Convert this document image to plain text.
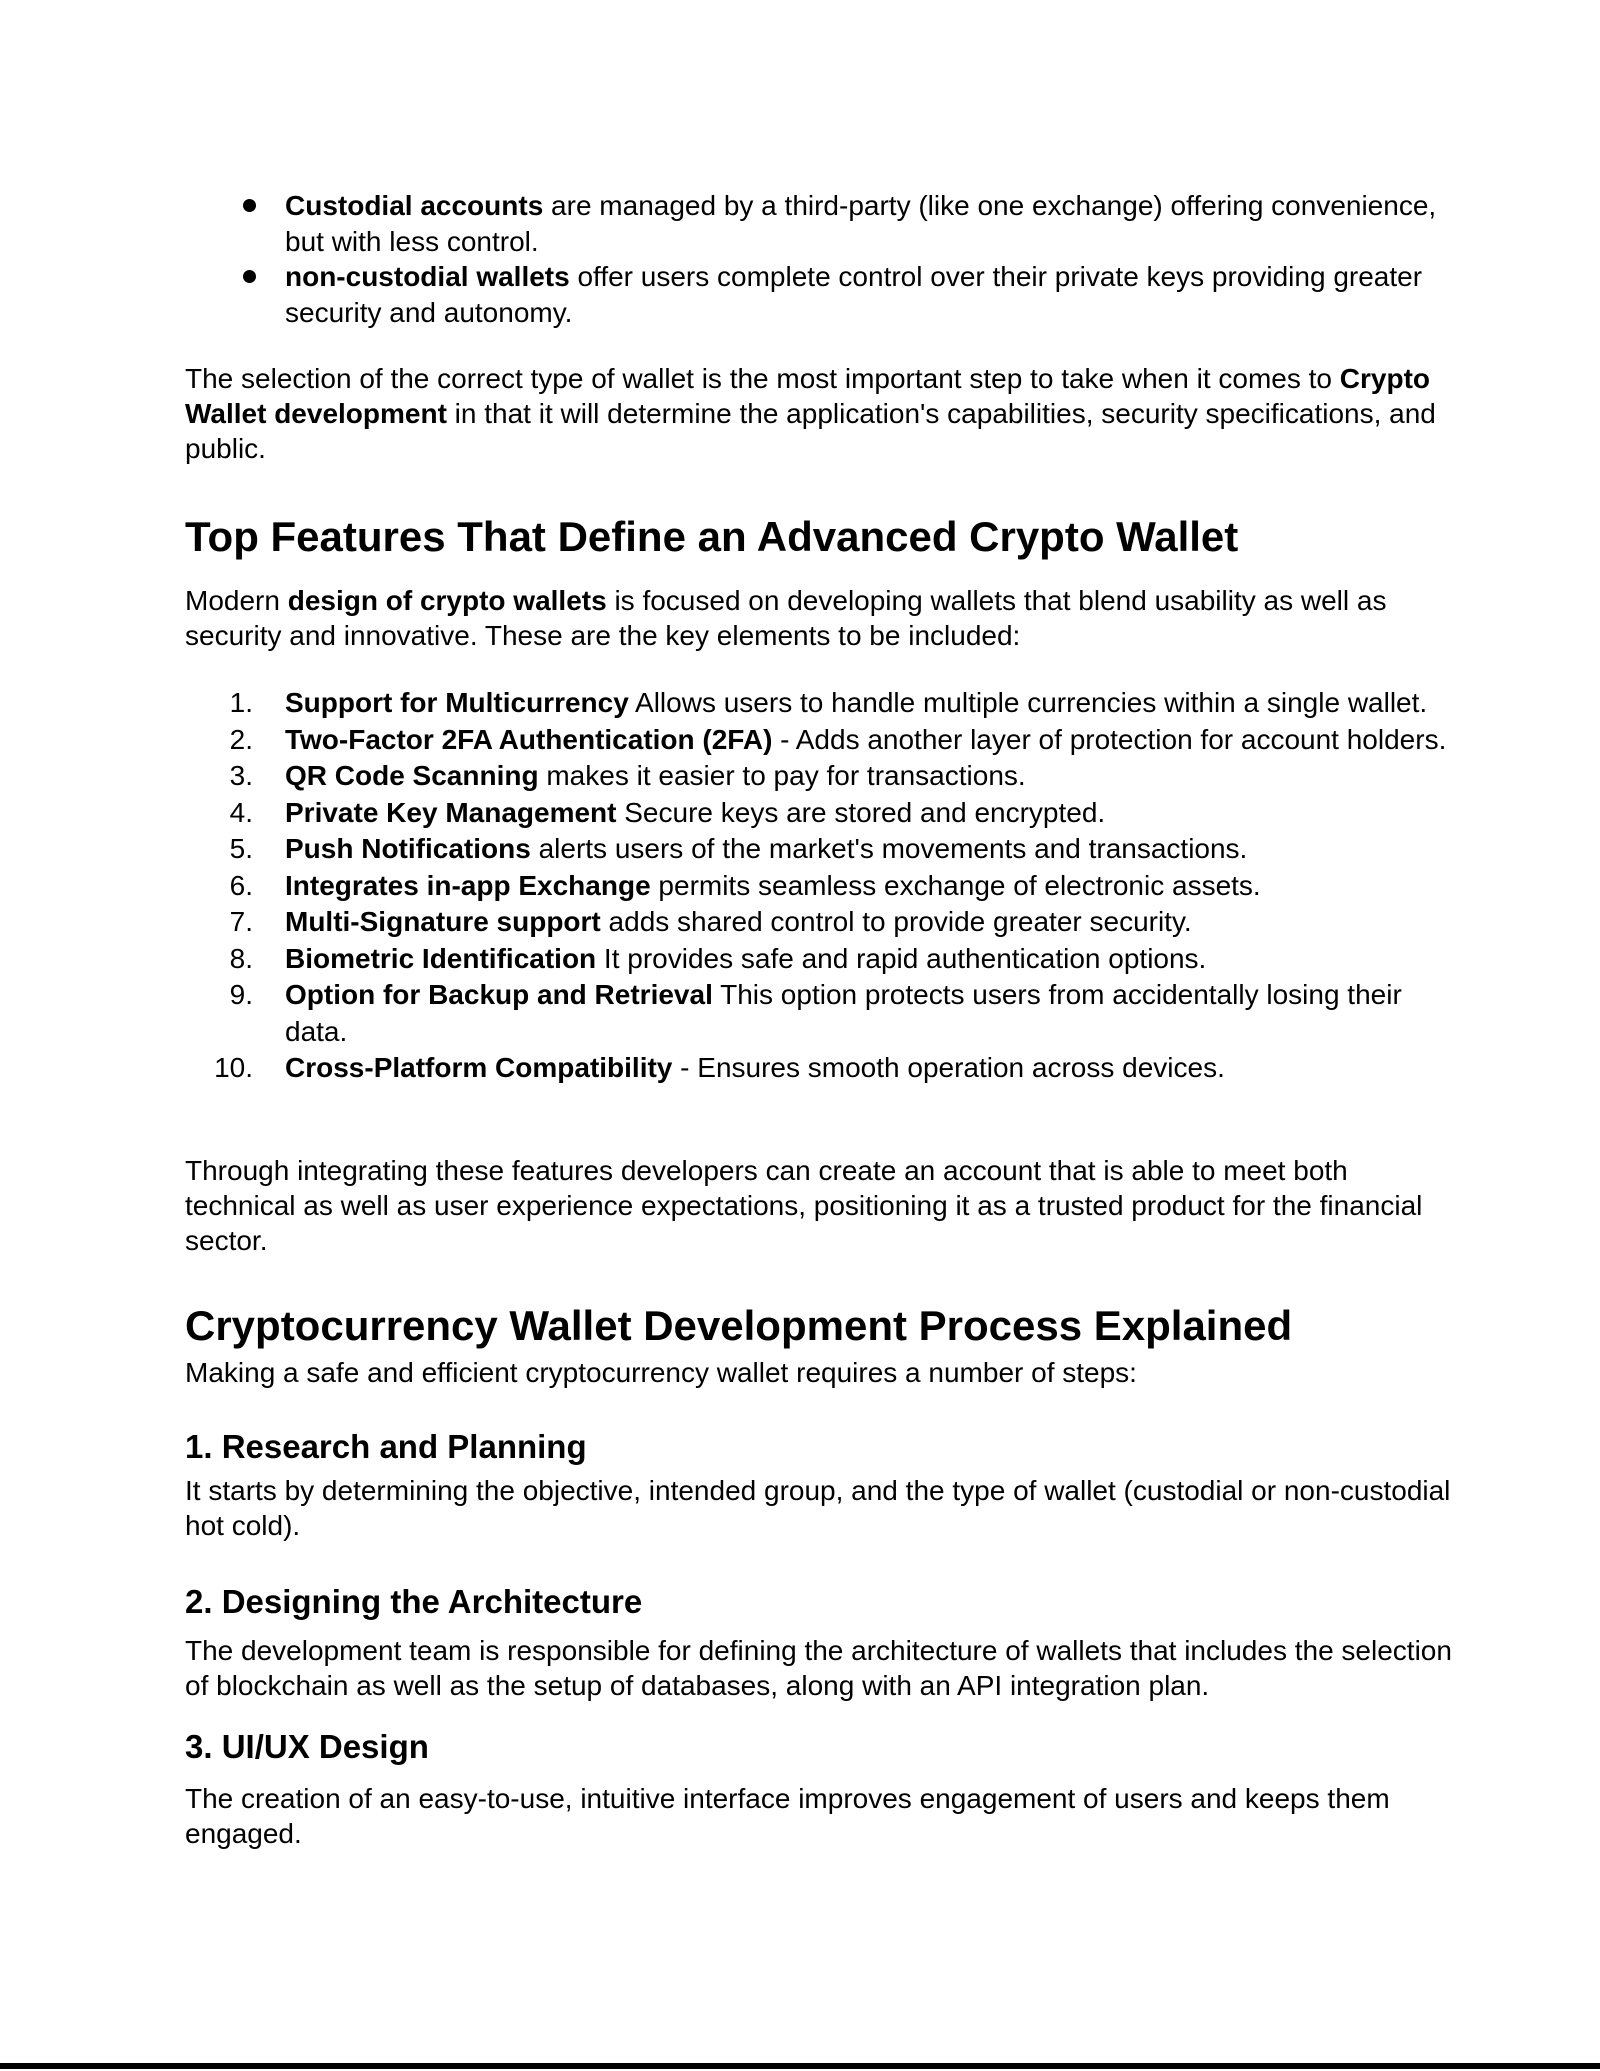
Custodial accounts are managed by a third-party (like one exchange) offering convenience, but with less control.
non-custodial wallets offer users complete control over their private keys providing greater security and autonomy.

The selection of the correct type of wallet is the most important step to take when it comes to Crypto Wallet development in that it will determine the application's capabilities, security specifications, and public.

Top Features That Define an Advanced Crypto Wallet

Modern design of crypto wallets is focused on developing wallets that blend usability as well as security and innovative. These are the key elements to be included:

1. Support for Multicurrency Allows users to handle multiple currencies within a single wallet.
2. Two-Factor 2FA Authentication (2FA) - Adds another layer of protection for account holders.
3. QR Code Scanning makes it easier to pay for transactions.
4. Private Key Management Secure keys are stored and encrypted.
5. Push Notifications alerts users of the market's movements and transactions.
6. Integrates in-app Exchange permits seamless exchange of electronic assets.
7. Multi-Signature support adds shared control to provide greater security.
8. Biometric Identification It provides safe and rapid authentication options.
9. Option for Backup and Retrieval This option protects users from accidentally losing their data.
10. Cross-Platform Compatibility - Ensures smooth operation across devices.

Through integrating these features developers can create an account that is able to meet both technical as well as user experience expectations, positioning it as a trusted product for the financial sector.

Cryptocurrency Wallet Development Process Explained

Making a safe and efficient cryptocurrency wallet requires a number of steps:

1. Research and Planning

It starts by determining the objective, intended group, and the type of wallet (custodial or non-custodial hot cold).

2. Designing the Architecture

The development team is responsible for defining the architecture of wallets that includes the selection of blockchain as well as the setup of databases, along with an API integration plan.

3. UI/UX Design

The creation of an easy-to-use, intuitive interface improves engagement of users and keeps them engaged.
